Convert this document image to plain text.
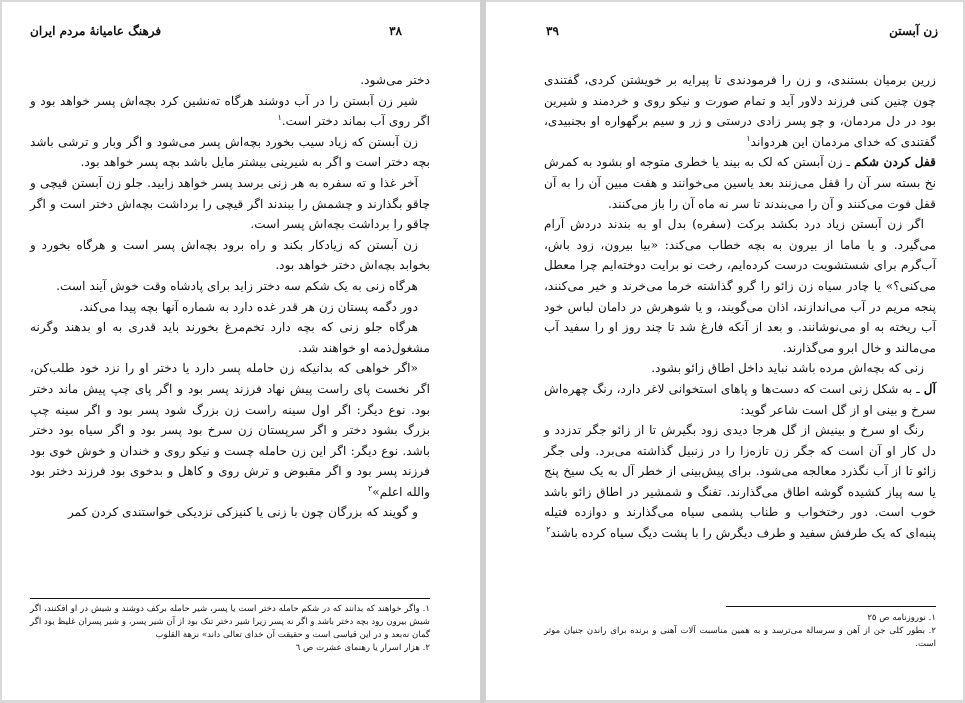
فرهنگ عامیانهٔ مردم ایران	٣٨

دختر می‌شود.

شیر زن آبستن را در آب دوشند هرگاه ته‌نشین کرد بچه‌اش پسر خواهد بود و اگر روی آب بماند دختر است.$^١$

زن آبستن که زیاد سیب بخورد بچه‌اش پسر می‌شود و اگر وبار و ترشی باشد بچه دختر است و اگر به شیرینی بیشتر مایل باشد بچه پسر خواهد بود.

آخر غذا و ته سفره به هر زنی برسد پسر خواهد زایید. جلو زن آبستن قیچی و چاقو بگذارند و چشمش را ببندند اگر قیچی را برداشت بچه‌اش دختر است و اگر چاقو را برداشت بچه‌اش پسر است.

زن آبستن که زیادکار بکند و راه برود بچه‌اش پسر است و هرگاه بخورد و بخوابد بچه‌اش دختر خواهد بود.

هرگاه زنی به یک شکم سه دختر زاید برای پادشاه وقت خوش آیند است.

دور دگمه پستان زن هر قدر غده دارد به شماره آنها بچه پیدا می‌کند.

هرگاه جلو زنی که بچه دارد تخم‌مرغ بخورند باید قدری به او بدهند وگرنه مشغول‌ذمه او خواهند شد.

«اگر خواهی که بدانیکه زن حامله پسر دارد یا دختر او را نزد خود طلب‌کن، اگر نخست پای راست پیش نهاد فرزند پسر بود و اگر پای چپ پیش ماند دختر بود. نوع دیگر: اگر اول سینه راست زن بزرگ شود پسر بود و اگر سینه چپ بزرگ بشود دختر و اگر سرپستان زن سرخ بود پسر بود و اگر سیاه بود دختر باشد. نوع دیگر: اگر این زن حامله چست و نیکو روی و خندان و خوش خوی بود فرزند پسر بود و اگر مقبوض و ترش روی و کاهل و بدخوی بود فرزند دختر بود والله اعلم»$^٢$

و گویند که بزرگان چون با زنی یا کنیزکی نزدیکی خواستندی کردن کمر

١. واگر خواهند که بدانند که در شکم حامله دختر است یا پسر، شیر حامله برکف دوشند و شیش در او افکنند، اگر شیش بیرون رود بچه دختر باشد و اگر نه پسر زیرا شیر دختر تنک بود از آن شیر پسر، و شیر پسران غلیظ بود اگر گمان نه‌بعد و در این قیاسی است و حقیقت آن خدای تعالی داند» نزهة القلوب

٢. هزار اسرار یا رهنمای عشرت ص ٦

٣٩	زن آبستن

زرین برمیان بستندی، و زن را فرمودندی تا پیرایه بر خویشتن کردی، گفتندی چون چنین کنی فرزند دلاور آید و تمام صورت و نیکو روی و خردمند و شیرین بود در دل مردمان، و چو پسر زادی درستی و زر و سیم برگهواره او بجنبیدی، گفتندی که خدای مردمان این هردواند$^١$

قفل کردن شکم ـ زن آبستن که لک به بیند یا خطری متوجه او بشود به کمرش نخ بسته سر آن را قفل می‌زنند بعد یاسین می‌خوانند و هفت مبین آن را به آن قفل فوت می‌کنند و آن را می‌بندند تا سر نه ماه آن را باز می‌کنند.

اگر زن آبستن زیاد درد بکشد برکت (سفره) بدل او به بندند دردش آرام می‌گیرد. و یا ماما از بیرون به بچه خطاب می‌کند: «بیا بیرون، زود باش، آب‌گرم برای شستشویت درست کرده‌ایم، رخت نو برایت دوخته‌ایم چرا معطل می‌کنی؟» یا چادر سیاه زن زائو را گرو گذاشته خرما می‌خرند و خیر می‌کنند، پنجه مریم در آب می‌اندازند، اذان می‌گویند، و یا شوهرش در دامان لباس خود آب ریخته به او می‌نوشانند. و بعد از آنکه فارغ شد تا چند روز او را سفید آب می‌مالند و خال ابرو می‌گذارند.

زنی که بچه‌اش مرده باشد نباید داخل اطاق زائو بشود.

آل ـ به شکل زنی است که دست‌ها و پاهای استخوانی لاغر دارد، رنگ چهره‌اش سرخ و بینی او از گل است شاعر گوید:

رنگ او سرخ و بینیش از گل هرجا دیدی زود بگیرش تا از زائو جگر تدزدد و دل کار او آن است که جگر زن تازه‌زا را در زنبیل گذاشته می‌برد. ولی جگر زائو تا از آب نگذرد معالجه می‌شود. برای پیش‌بینی از خطر آل به یک سیخ پنج یا سه پیاز کشیده گوشه اطاق می‌گذارند. تفنگ و شمشیر در اطاق زائو باشد خوب است. دور رختخواب و طناب پشمی سیاه می‌گذارند و دوازده فتیله پنبه‌ای که یک طرفش سفید و طرف دیگرش را با پشت دیگ سیاه کرده باشند$^٢$

١. نوروزنامه ص ٢٥

٢. بطور کلی جن از آهن و سرسالة می‌ترسد و به همین مناسبت آلات آهنی و برنده برای راندن جنیان موثر است.
